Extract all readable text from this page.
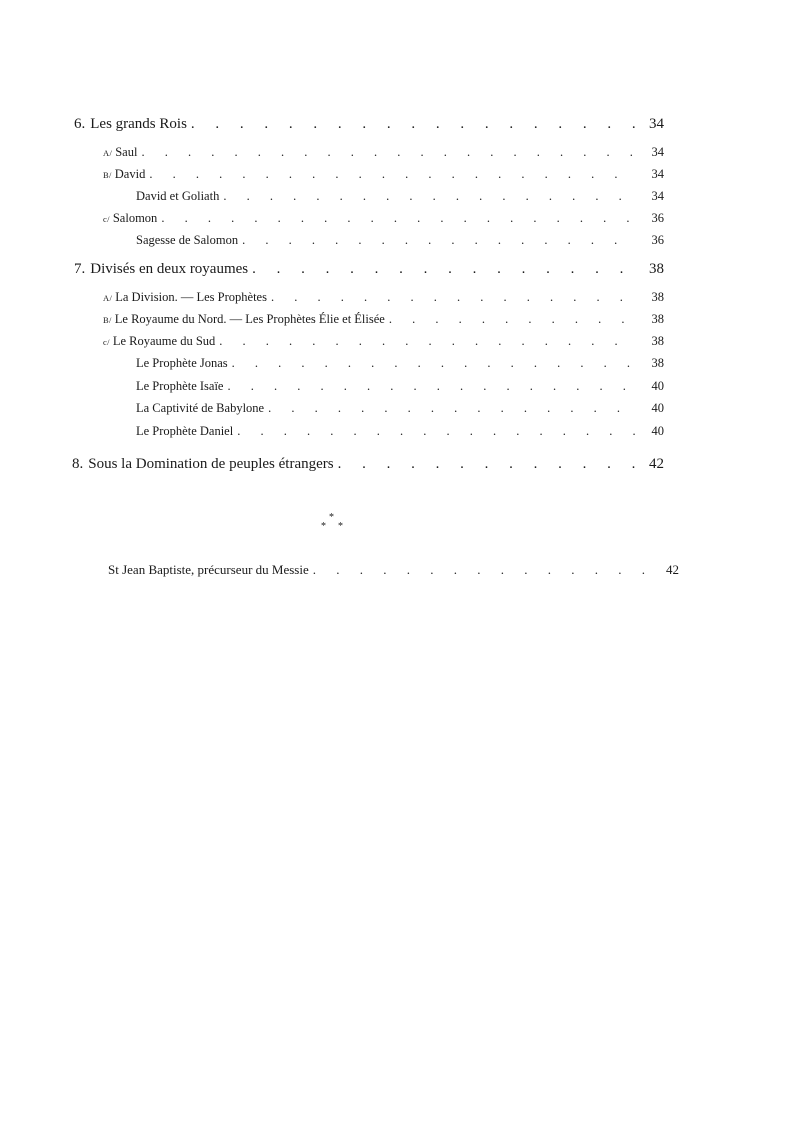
6. Les grands Rois . . .	34
A/ Saul . . .	34
B/ David . . .	34
David et Goliath . . .	34
c/ Salomon . . .	36
Sagesse de Salomon . . .	36
7. Divisés en deux royaumes . . .	38
A/ La Division. — Les Prophètes . . .	38
B/ Le Royaume du Nord. — Les Prophètes Élie et Élisée . . .	38
c/ Le Royaume du Sud . . .	38
Le Prophète Jonas . . .	38
Le Prophète Isaïe . . .	40
La Captivité de Babylone . . .	40
Le Prophète Daniel . . .	40
8. Sous la Domination de peuples étrangers . . .	42
*
* *
St Jean Baptiste, précurseur du Messie . . .	42
